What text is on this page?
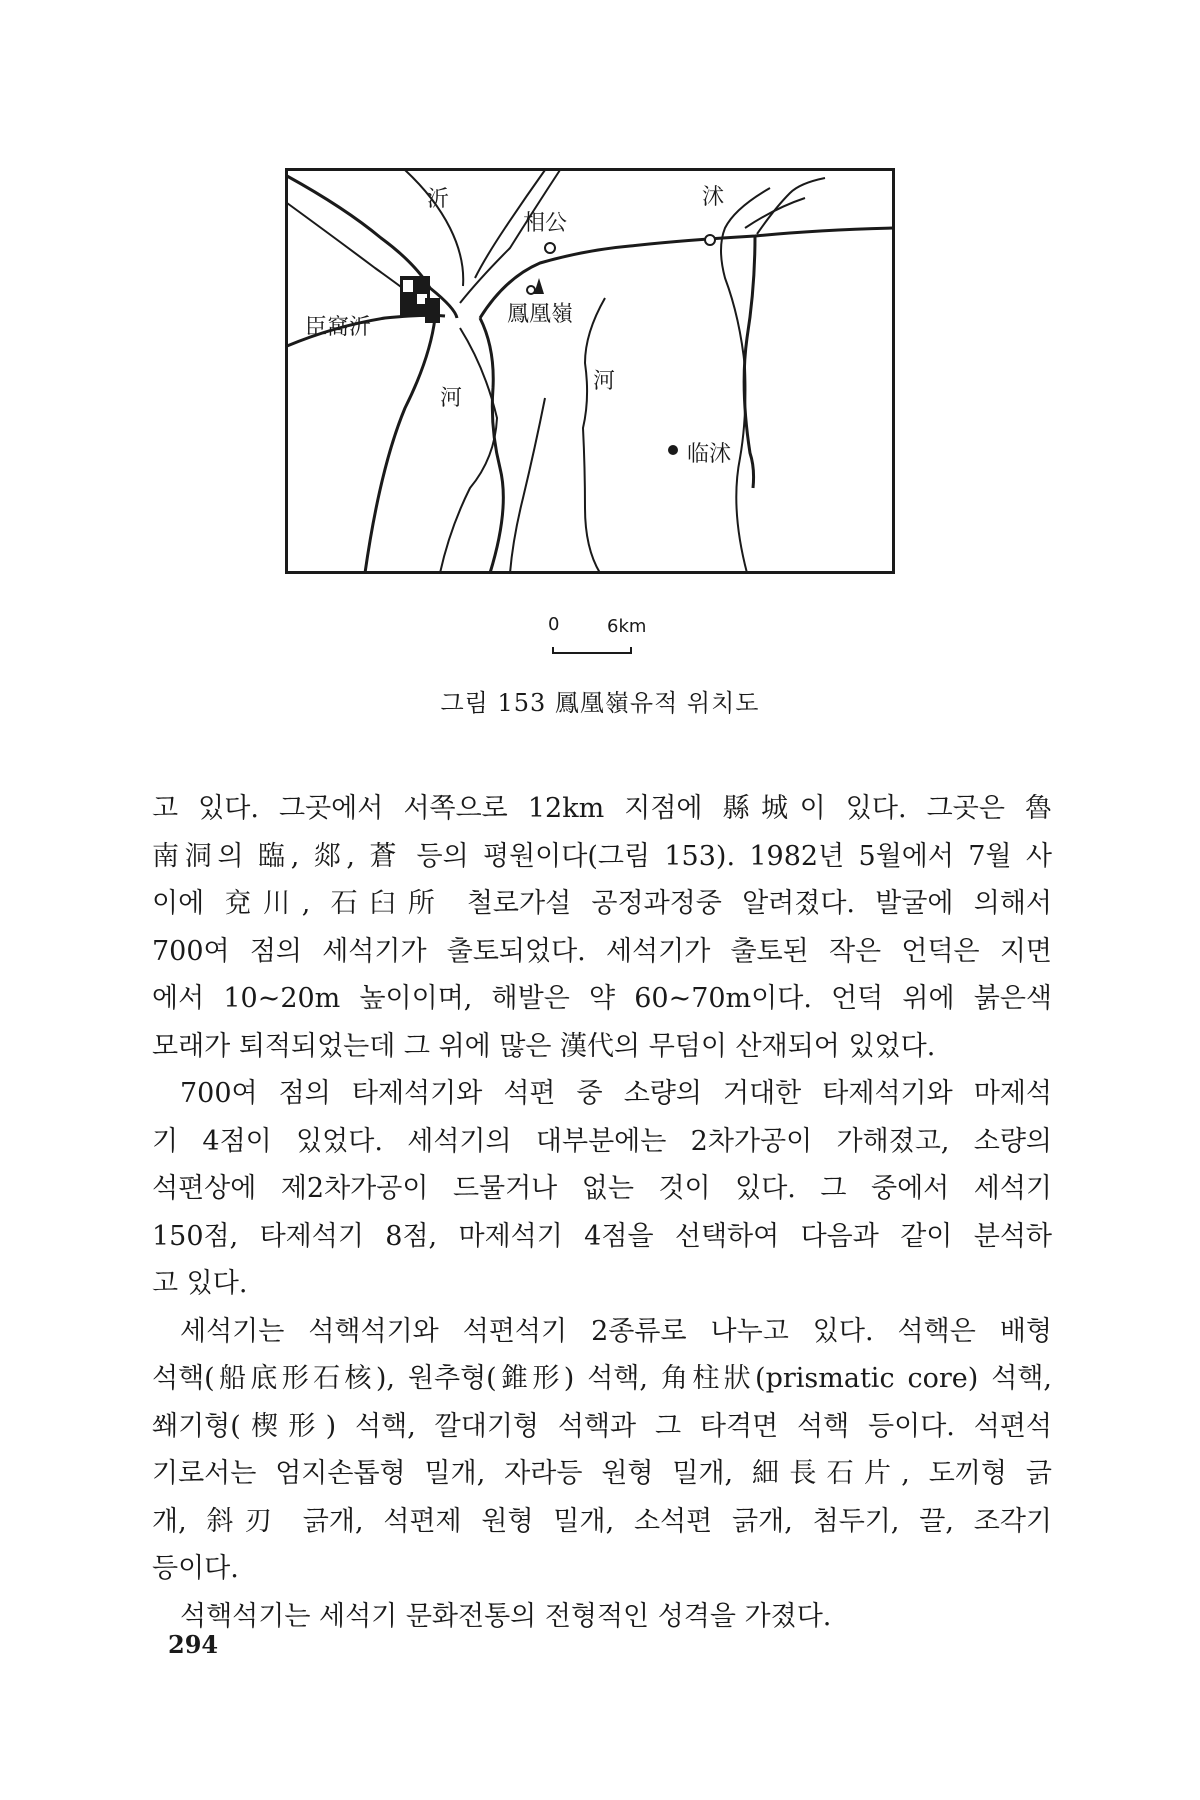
沂	沭
相公
鳳凰嶺
臣窩沂
河
河
临沭
0	6km
그림 153 鳳凰嶺유적 위치도

고 있다. 그곳에서 서쪽으로 12km 지점에 縣城이 있다. 그곳은 魯
南洞의 臨, 郯, 蒼 등의 평원이다(그림 153). 1982년 5월에서 7월 사
이에 兗川, 石臼所 철로가설 공정과정중 알려졌다. 발굴에 의해서
700여 점의 세석기가 출토되었다. 세석기가 출토된 작은 언덕은 지면
에서 10~20m 높이이며, 해발은 약 60~70m이다. 언덕 위에 붉은색
모래가 퇴적되었는데 그 위에 많은 漢代의 무덤이 산재되어 있었다.

700여 점의 타제석기와 석편 중 소량의 거대한 타제석기와 마제석
기 4점이 있었다. 세석기의 대부분에는 2차가공이 가해졌고, 소량의
석편상에 제2차가공이 드물거나 없는 것이 있다. 그 중에서 세석기
150점, 타제석기 8점, 마제석기 4점을 선택하여 다음과 같이 분석하
고 있다.

세석기는 석핵석기와 석편석기 2종류로 나누고 있다. 석핵은 배형
석핵(船底形石核), 원추형(錐形) 석핵, 角柱狀(prismatic core) 석핵,
쐐기형(楔形) 석핵, 깔대기형 석핵과 그 타격면 석핵 등이다. 석편석
기로서는 엄지손톱형 밀개, 자라등 원형 밀개, 細長石片, 도끼형 긁
개, 斜刃 긁개, 석편제 원형 밀개, 소석편 긁개, 첨두기, 끌, 조각기
등이다.

석핵석기는 세석기 문화전통의 전형적인 성격을 가졌다.

294
